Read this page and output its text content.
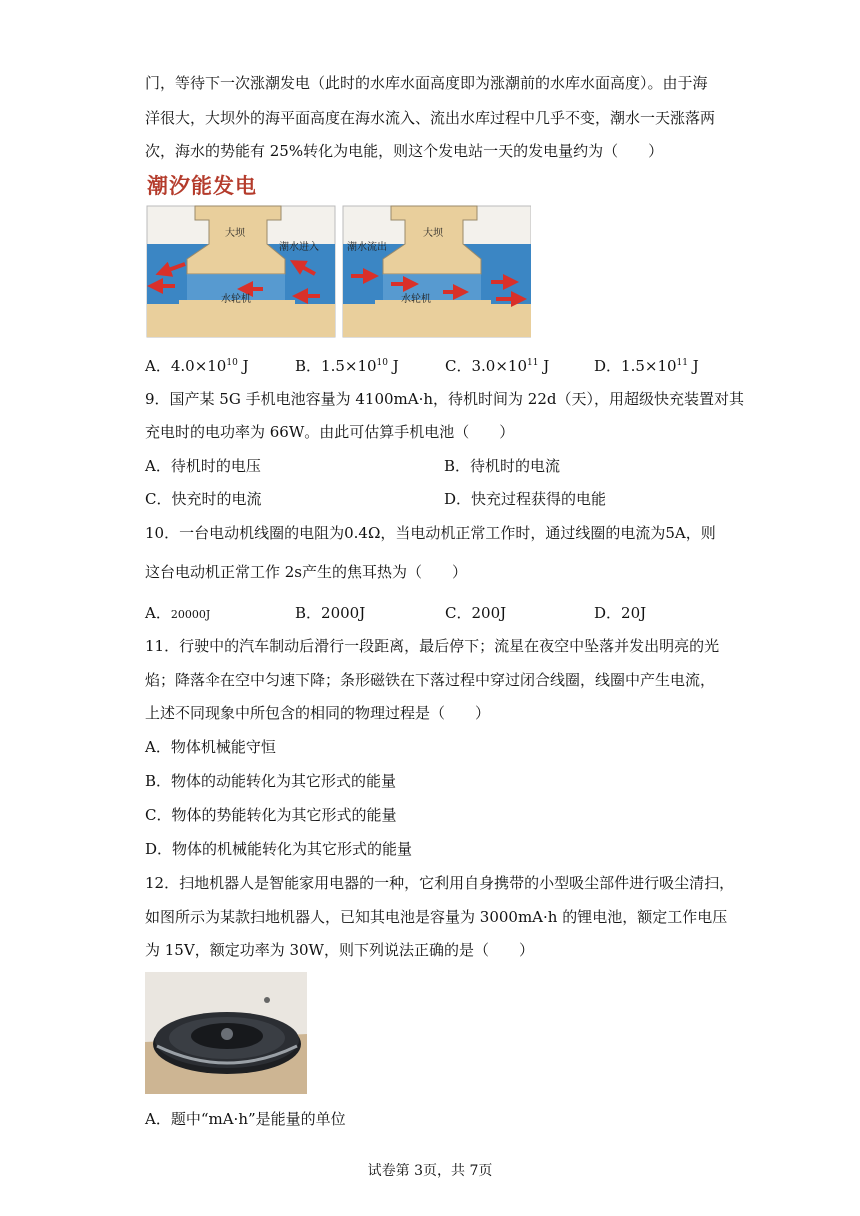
门，等待下一次涨潮发电（此时的水库水面高度即为涨潮前的水库水面高度）。由于海
洋很大，大坝外的海平面高度在海水流入、流出水库过程中几乎不变，潮水一天涨落两
次，海水的势能有 25%转化为电能，则这个发电站一天的发电量约为（　　）
潮汐能发电
大坝
潮水进入
水轮机
大坝
潮水流出
水轮机
A．$4.0\times 10^{10}$ J	B．$1.5\times 10^{10}$ J	C．$3.0\times 10^{11}$ J	D．$1.5\times 10^{11}$ J
9．国产某 5G 手机电池容量为 4100mA·h，待机时间为 22d（天），用超级快充装置对其
充电时的电功率为 66W。由此可估算手机电池（　　）
A．待机时的电压	B．待机时的电流
C．快充时的电流	D．快充过程获得的电能
10．一台电动机线圈的电阻为0.4Ω，当电动机正常工作时，通过线圈的电流为5A，则
这台电动机正常工作 2s产生的焦耳热为（　　）
A．20000J	B．2000J	C．200J	D．20J
11．行驶中的汽车制动后滑行一段距离，最后停下；流星在夜空中坠落并发出明亮的光
焰；降落伞在空中匀速下降；条形磁铁在下落过程中穿过闭合线圈，线圈中产生电流，
上述不同现象中所包含的相同的物理过程是（　　）
A．物体机械能守恒
B．物体的动能转化为其它形式的能量
C．物体的势能转化为其它形式的能量
D．物体的机械能转化为其它形式的能量
12．扫地机器人是智能家用电器的一种，它利用自身携带的小型吸尘部件进行吸尘清扫，
如图所示为某款扫地机器人，已知其电池是容量为 3000mA·h 的锂电池，额定工作电压
为 15V，额定功率为 30W，则下列说法正确的是（　　）
A．题中“mA·h”是能量的单位
试卷第 3页，共 7页
